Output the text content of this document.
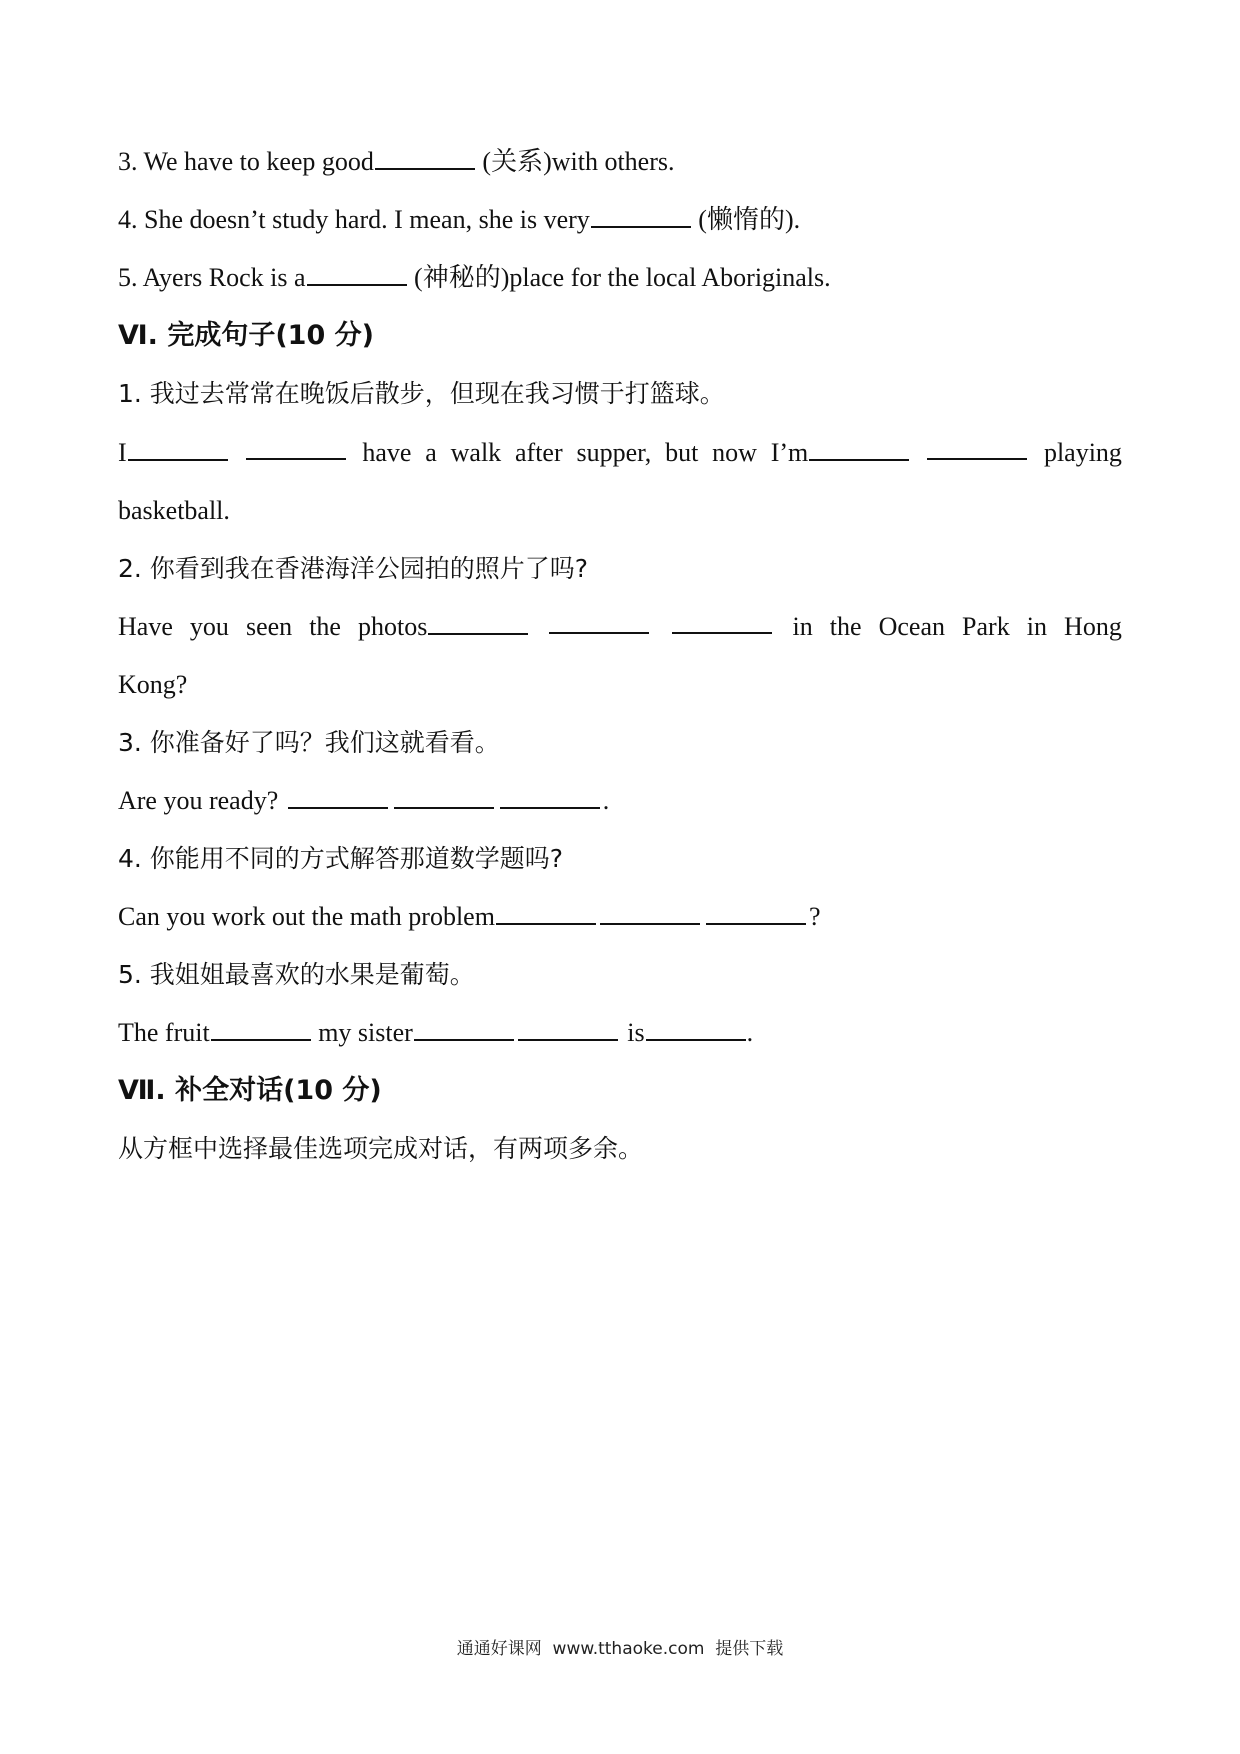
3. We have to keep good	(关系)with others.
4. She doesn’t study hard. I mean, she is very	(懒惰的).
5. Ayers Rock is a	(神秘的)place for the local Aboriginals.
Ⅵ. 完成句子(10 分)
1. 我过去常常在晚饭后散步，但现在我习惯于打篮球。
I	have a walk after supper, but now I’m	playing
basketball.
2. 你看到我在香港海洋公园拍的照片了吗?
Have you seen the photos	in the Ocean Park in Hong
Kong?
3. 你准备好了吗？我们这就看看。
Are you ready?	.
4. 你能用不同的方式解答那道数学题吗?
Can you work out the math problem	?
5. 我姐姐最喜欢的水果是葡萄。
The fruit	my sister	is	.
Ⅶ. 补全对话(10 分)
从方框中选择最佳选项完成对话，有两项多余。
通通好课网  www.tthaoke.com  提供下载
